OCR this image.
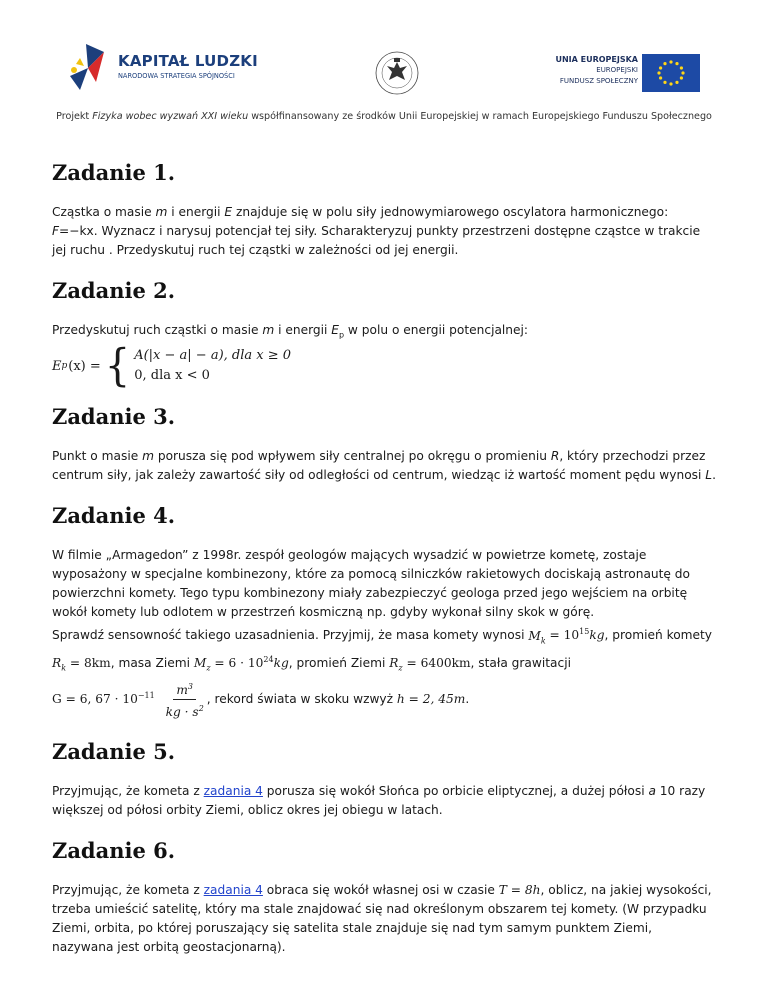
KAPITAŁ LUDZKI
NARODOWA STRATEGIA SPÓJNOŚCI
UNIA EUROPEJSKA
EUROPEJSKI
FUNDUSZ SPOŁECZNY
Projekt Fizyka wobec wyzwań XXI wieku współfinansowany ze środków Unii Europejskiej w ramach Europejskiego Funduszu Społecznego
Zadanie 1.

Cząstka o masie m i energii E znajduje się w polu siły jednowymiarowego oscylatora harmonicznego: F=−kx. Wyznacz i narysuj potencjał tej siły. Scharakteryzuj punkty przestrzeni dostępne cząstce w trakcie jej ruchu . Przedyskutuj ruch tej cząstki w zależności od jej energii.

Zadanie 2.

Przedyskutuj ruch cząstki o masie m i energii $E_p$ w polu o energii potencjalnej:

E p (x) = { A(|x − a| − a), dla x ≥ 0
0, dla x < 0
Zadanie 3.

Punkt o masie m porusza się pod wpływem siły centralnej po okręgu o promieniu R, który przechodzi przez centrum siły, jak zależy zawartość siły od odległości od centrum, wiedząc iż wartość moment pędu wynosi L.

Zadanie 4.

W filmie „Armagedon” z 1998r. zespół geologów mających wysadzić w powietrze kometę, zostaje wyposażony w specjalne kombinezony, które za pomocą silniczków rakietowych dociskają astronautę do powierzchni komety. Tego typu kombinezony miały zabezpieczyć geologa przed jego wejściem na orbitę wokół komety lub odlotem w przestrzeń kosmiczną np. gdyby wykonał silny skok w górę.

Sprawdź sensowność takiego uzasadnienia. Przyjmij, że masa komety wynosi $M_k = 10^{15}kg$, promień komety $R_k = 8km$, masa Ziemi $M_z = 6 \cdot 10^{24}kg$, promień Ziemi $R_z = 6400km$, stała grawitacji

G = 6, $67 \cdot 10^{-11} \frac{m^3}{kg \cdot s^2}$ , rekord świata w skoku wzwyż h = 2, 45m.

Zadanie 5.

Przyjmując, że kometa z zadania 4 porusza się wokół Słońca po orbicie eliptycznej, a dużej półosi a 10 razy większej od półosi orbity Ziemi, oblicz okres jej obiegu w latach.

Zadanie 6.

Przyjmując, że kometa z zadania 4 obraca się wokół własnej osi w czasie T = 8h, oblicz, na jakiej wysokości, trzeba umieścić satelitę, który ma stale znajdować się nad określonym obszarem tej komety. (W przypadku Ziemi, orbita, po której poruszający się satelita stale znajduje się nad tym samym punktem Ziemi, nazywana jest orbitą geostacjonarną).
